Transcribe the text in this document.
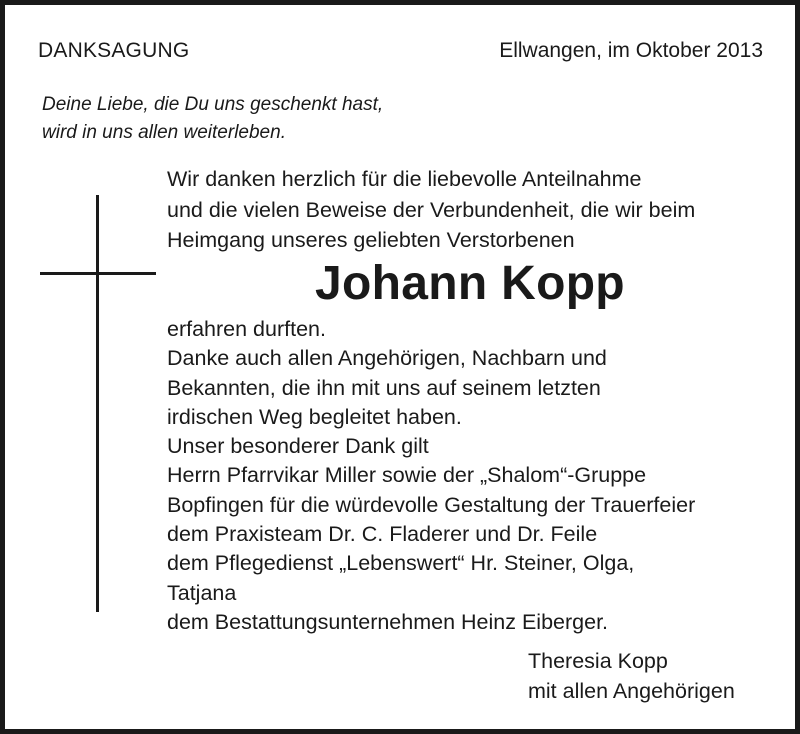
DANKSAGUNG	Ellwangen, im Oktober 2013
Deine Liebe, die Du uns geschenkt hast,
wird in uns allen weiterleben.
Wir danken herzlich für die liebevolle Anteilnahme
und die vielen Beweise der Verbundenheit, die wir beim
Heimgang unseres geliebten Verstorbenen
Johann Kopp
erfahren durften.
Danke auch allen Angehörigen, Nachbarn und
Bekannten, die ihn mit uns auf seinem letzten
irdischen Weg begleitet haben.
Unser besonderer Dank gilt
Herrn Pfarrvikar Miller sowie der „Shalom“-Gruppe
Bopfingen für die würdevolle Gestaltung der Trauerfeier
dem Praxisteam Dr. C. Fladerer und Dr. Feile
dem Pflegedienst „Lebenswert“ Hr. Steiner, Olga,
Tatjana
dem Bestattungsunternehmen Heinz Eiberger.
Theresia Kopp
mit allen Angehörigen
